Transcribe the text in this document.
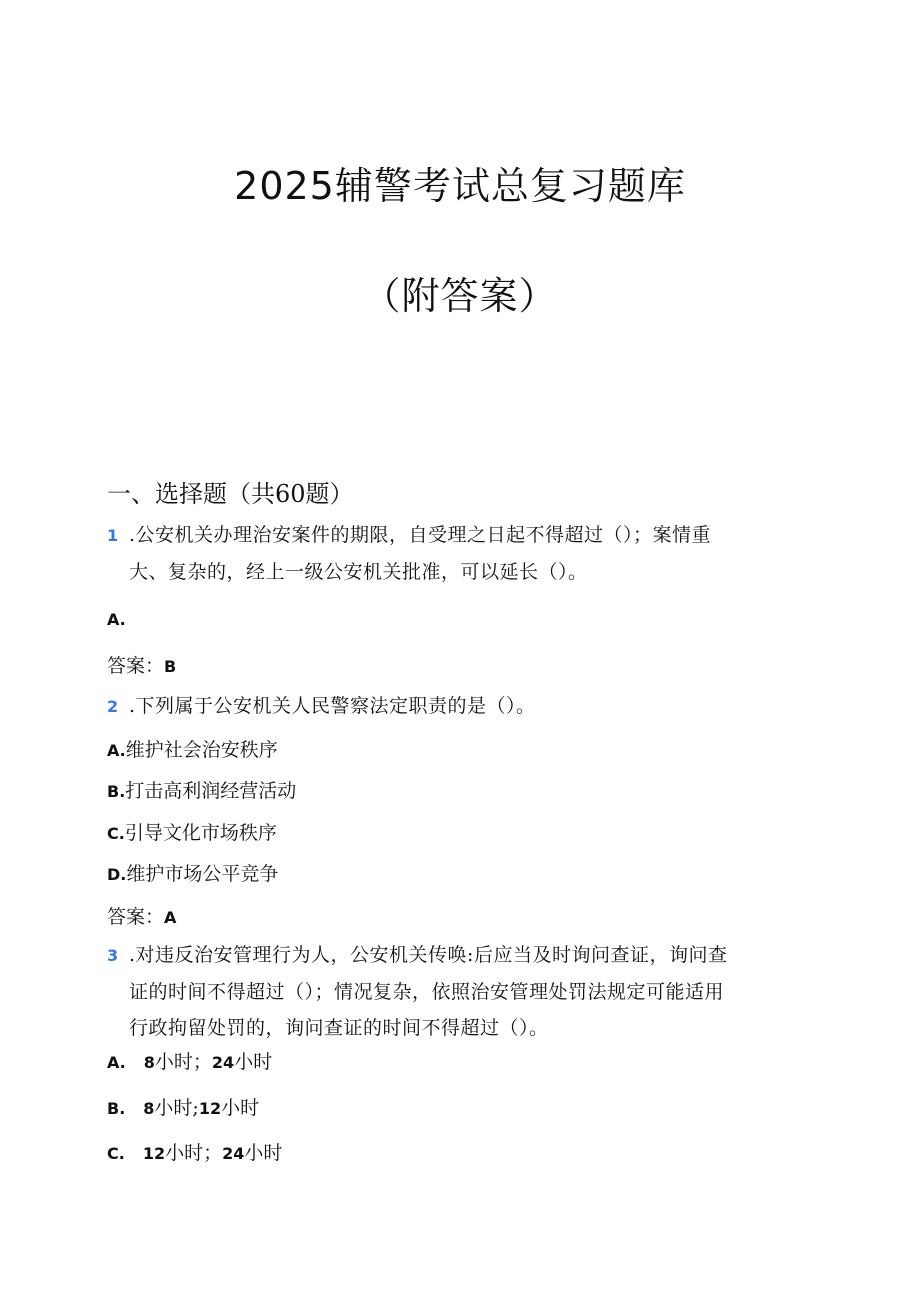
2025辅警考试总复习题库
（附答案）
一、选择题（共60题）
1 .公安机关办理治安案件的期限，自受理之日起不得超过（）；案情重
大、复杂的，经上一级公安机关批准，可以延长（）。
A.
答案：B
2 .下列属于公安机关人民警察法定职责的是（）。
A.维护社会治安秩序
B.打击高利润经营活动
C.引导文化市场秩序
D.维护市场公平竞争
答案：A
3 .对违反治安管理行为人，公安机关传唤:后应当及时询问查证，询问查
证的时间不得超过（）；情况复杂，依照治安管理处罚法规定可能适用
行政拘留处罚的，询问查证的时间不得超过（）。
A. 8小时；24小时
B. 8小时;12小时
C. 12小时；24小时
